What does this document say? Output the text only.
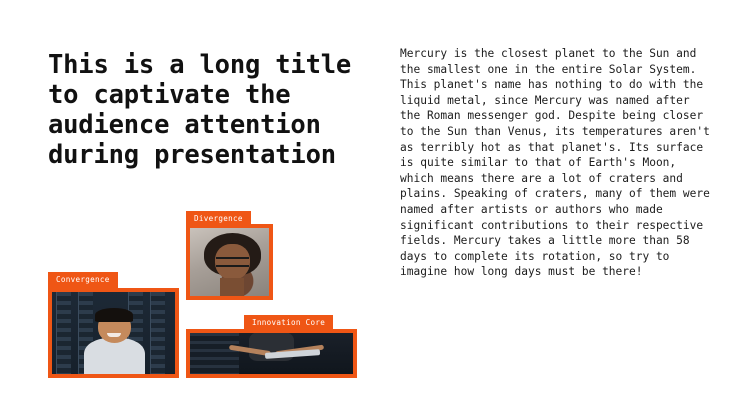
This is a long title
to captivate the
audience attention
during presentation
Mercury is the closest planet to the Sun and the smallest one in the entire Solar System. This planet's name has nothing to do with the liquid metal, since Mercury was named after the Roman messenger god. Despite being closer to the Sun than Venus, its temperatures aren't as terribly hot as that planet's. Its surface is quite similar to that of Earth's Moon, which means there are a lot of craters and plains. Speaking of craters, many of them were named after artists or authors who made significant contributions to their respective fields. Mercury takes a little more than 58 days to complete its rotation, so try to imagine how long days must be there!
Divergence
Convergence
Innovation Core
